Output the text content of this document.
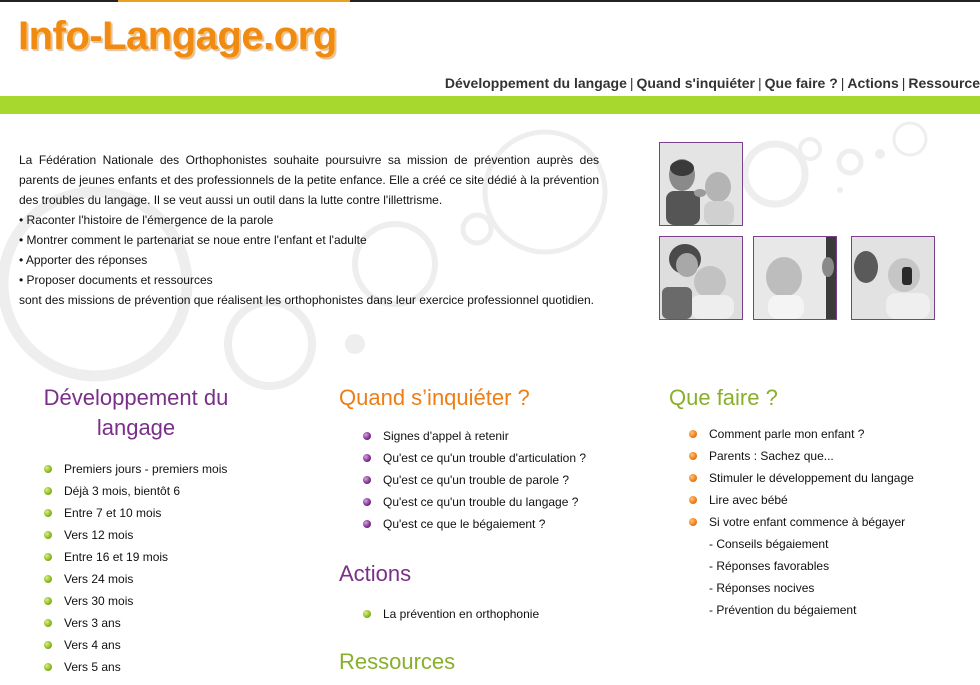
Info-Langage.org
Développement du langage | Quand s'inquiéter | Que faire ? | Actions | Ressource

La Fédération Nationale des Orthophonistes souhaite poursuivre sa mission de prévention auprès des parents de jeunes enfants et des professionnels de la petite enfance. Elle a créé ce site dédié à la prévention des troubles du langage. Il se veut aussi un outil dans la lutte contre l'illettrisme.

• Raconter l'histoire de l'émergence de la parole
• Montrer comment le partenariat se noue entre l'enfant et l'adulte
• Apporter des réponses
• Proposer documents et ressources

sont des missions de prévention que réalisent les orthophonistes dans leur exercice professionnel quotidien.

Développement du langage
Premiers jours - premiers mois
Déjà 3 mois, bientôt 6
Entre 7 et 10 mois
Vers 12 mois
Entre 16 et 19 mois
Vers 24 mois
Vers 30 mois
Vers 3 ans
Vers 4 ans
Vers 5 ans
Quand s’inquiéter ?
Signes d'appel à retenir
Qu'est ce qu'un trouble d'articulation ?
Qu'est ce qu'un trouble de parole ?
Qu'est ce qu'un trouble du langage ?
Qu'est ce que le bégaiement ?
Actions
La prévention en orthophonie
Ressources
Que faire ?
Comment parle mon enfant ?
Parents : Sachez que...
Stimuler le développement du langage
Lire avec bébé
Si votre enfant commence à bégayer
- Conseils bégaiement
- Réponses favorables
- Réponses nocives
- Prévention du bégaiement
